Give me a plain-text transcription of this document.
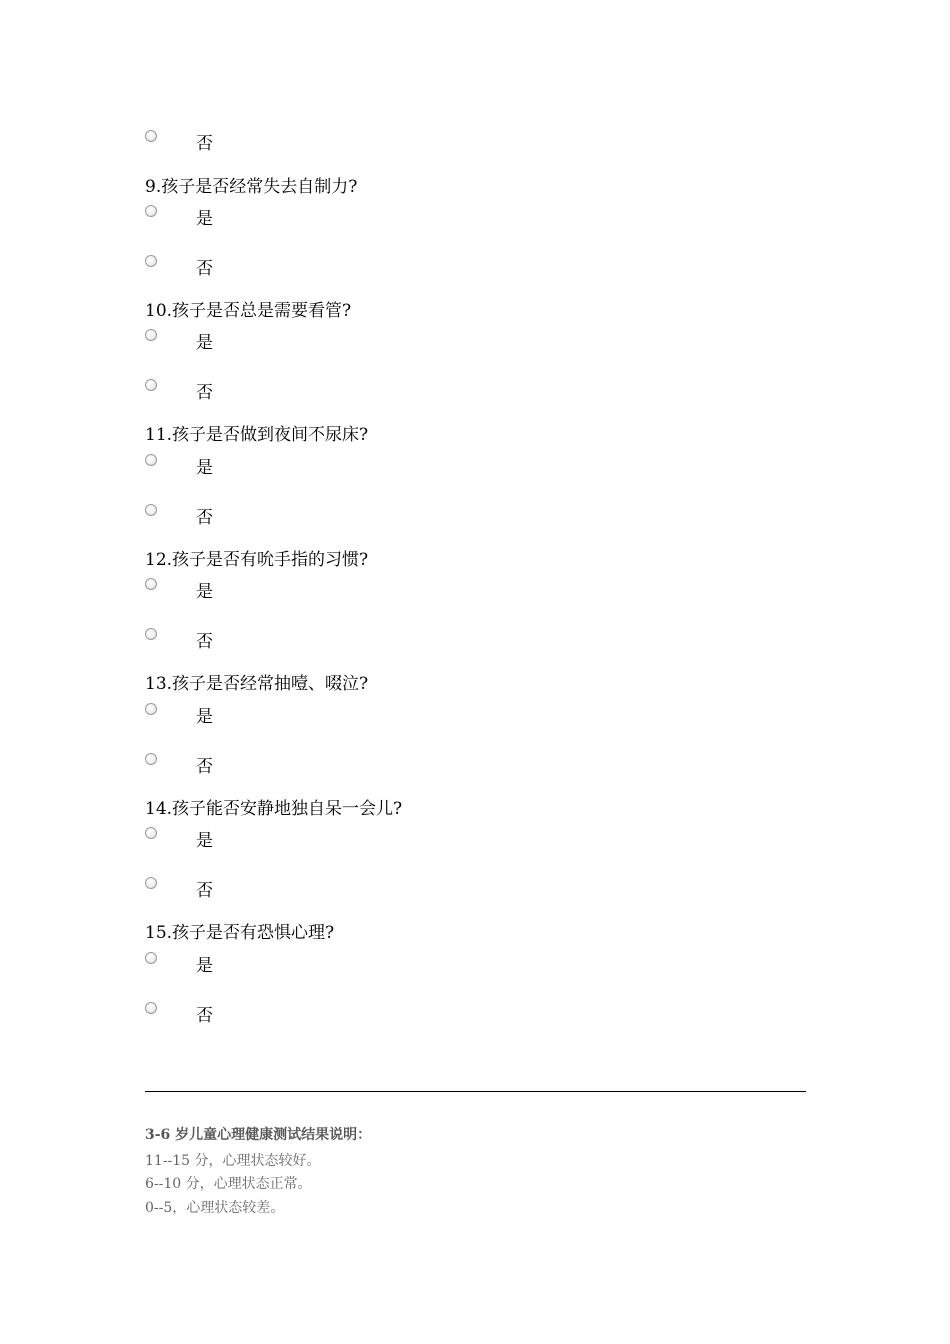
否
9.孩子是否经常失去自制力?
是
否
10.孩子是否总是需要看管?
是
否
11.孩子是否做到夜间不尿床?
是
否
12.孩子是否有吮手指的习惯?
是
否
13.孩子是否经常抽噎、啜泣?
是
否
14.孩子能否安静地独自呆一会儿?
是
否
15.孩子是否有恐惧心理?
是
否
3-6 岁儿童心理健康测试结果说明：
11--15 分，心理状态较好。
6--10 分，心理状态正常。
0--5，心理状态较差。
